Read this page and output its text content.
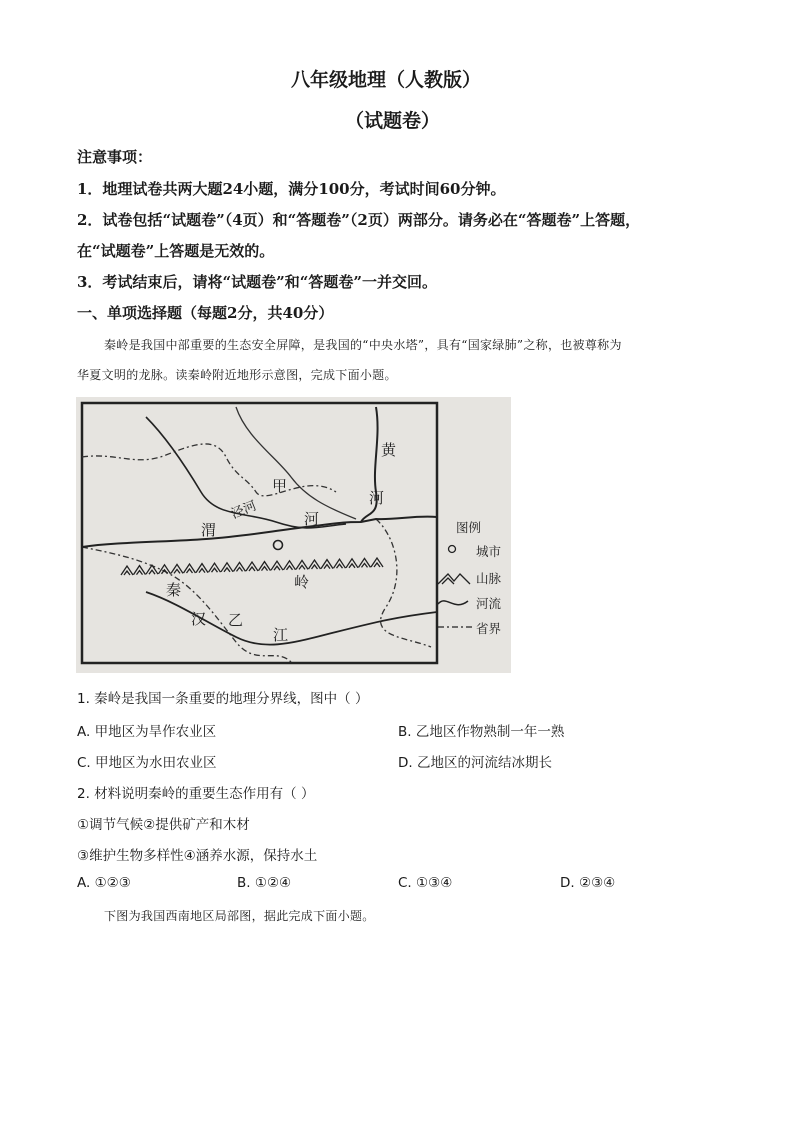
八年级地理（人教版）
（试题卷）
注意事项：
1．地理试卷共两大题24小题，满分100分，考试时间60分钟。
2．试卷包括“试题卷”（4页）和“答题卷”（2页）两部分。请务必在“答题卷”上答题，
在“试题卷”上答题是无效的。
3．考试结束后，请将“试题卷”和“答题卷”一并交回。
一、单项选择题（每题2分，共40分）
秦岭是我国中部重要的生态安全屏障，是我国的“中央水塔”，具有“国家绿肺”之称，也被尊称为
华夏文明的龙脉。读秦岭附近地形示意图，完成下面小题。
甲
乙
黄
河
泾河
渭
河
秦	岭
汉
江
图例
城市
山脉
河流
省界
1. 秦岭是我国一条重要的地理分界线，图中（ ）
A. 甲地区为旱作农业区	B. 乙地区作物熟制一年一熟
C. 甲地区为水田农业区	D. 乙地区的河流结冰期长
2. 材料说明秦岭的重要生态作用有（ ）
①调节气候②提供矿产和木材
③维护生物多样性④涵养水源，保持水土
A. ①②③	B. ①②④	C. ①③④	D. ②③④
下图为我国西南地区局部图，据此完成下面小题。
